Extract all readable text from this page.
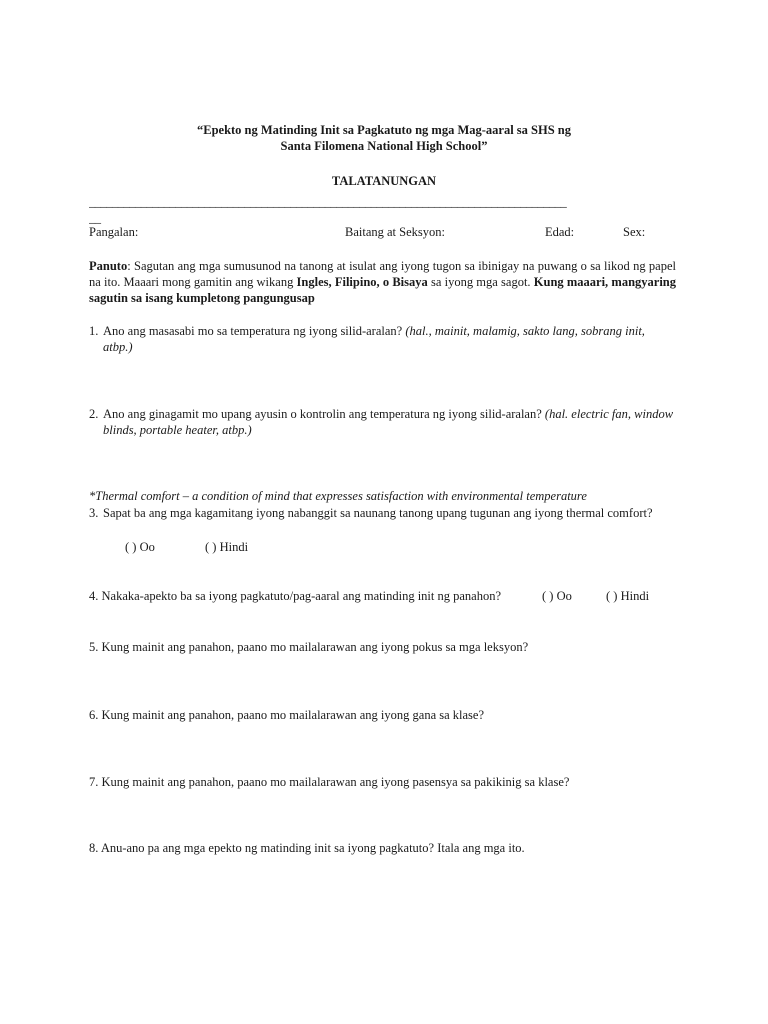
“Epekto ng Matinding Init sa Pagkatuto ng mga Mag-aaral sa SHS ng
Santa Filomena National High School”
TALATANUNGAN
___________________________________________________________________________________
__
Pangalan:	Baitang at Seksyon:	Edad:	Sex:
Panuto: Sagutan ang mga sumusunod na tanong at isulat ang iyong tugon sa ibinigay na puwang o sa likod ng papel na ito. Maaari mong gamitin ang wikang Ingles, Filipino, o Bisaya sa iyong mga sagot. Kung maaari, mangyaring sagutin sa isang kumpletong pangungusap
1. Ano ang masasabi mo sa temperatura ng iyong silid-aralan? (hal., mainit, malamig, sakto lang, sobrang init, atbp.)
2. Ano ang ginagamit mo upang ayusin o kontrolin ang temperatura ng iyong silid-aralan? (hal. electric fan, window blinds, portable heater, atbp.)
*Thermal comfort – a condition of mind that expresses satisfaction with environmental temperature
3. Sapat ba ang mga kagamitang iyong nabanggit sa naunang tanong upang tugunan ang iyong thermal comfort?
( ) Oo	( ) Hindi
4. Nakaka-apekto ba sa iyong pagkatuto/pag-aaral ang matinding init ng panahon?	( ) Oo	( ) Hindi
5. Kung mainit ang panahon, paano mo mailalarawan ang iyong pokus sa mga leksyon?
6. Kung mainit ang panahon, paano mo mailalarawan ang iyong gana sa klase?
7. Kung mainit ang panahon, paano mo mailalarawan ang iyong pasensya sa pakikinig sa klase?
8. Anu-ano pa ang mga epekto ng matinding init sa iyong pagkatuto? Itala ang mga ito.
